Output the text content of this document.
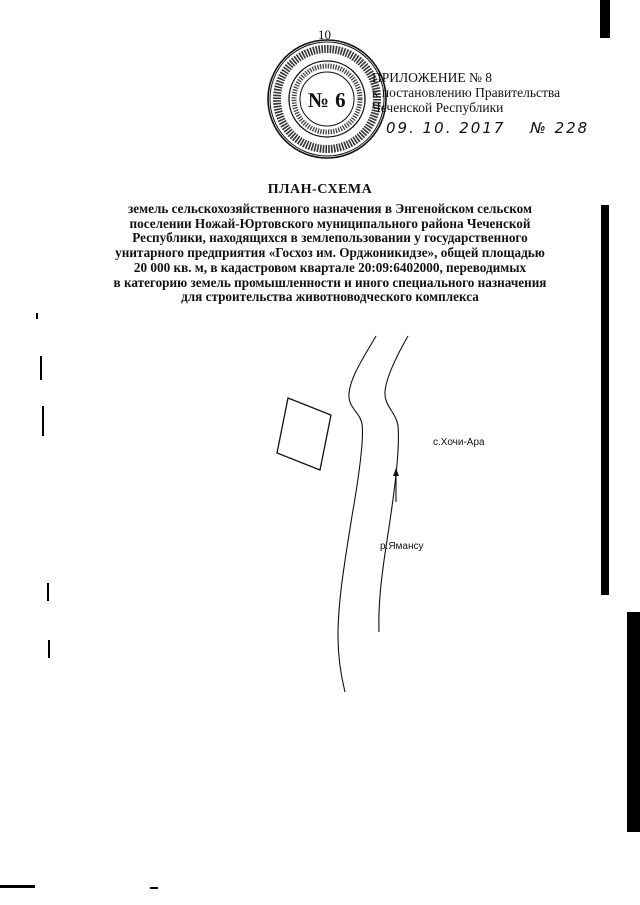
10
№ 6
ПРИЛОЖЕНИЕ № 8
к постановлению Правительства
Чеченской Республики
09. 10. 2017 № 228
ПЛАН-СХЕМА
земель сельскохозяйственного назначения в Энгенойском сельском
поселении Ножай-Юртовского муниципального района Чеченской
Республики, находящихся в землепользовании у государственного
унитарного предприятия «Госхоз им. Орджоникидзе», общей площадью
20 000 кв. м, в кадастровом квартале 20:09:6402000, переводимых
в категорию земель промышленности и иного специального назначения
для строительства животноводческого комплекса
с.Хочи-Ара
р.Ямансу
